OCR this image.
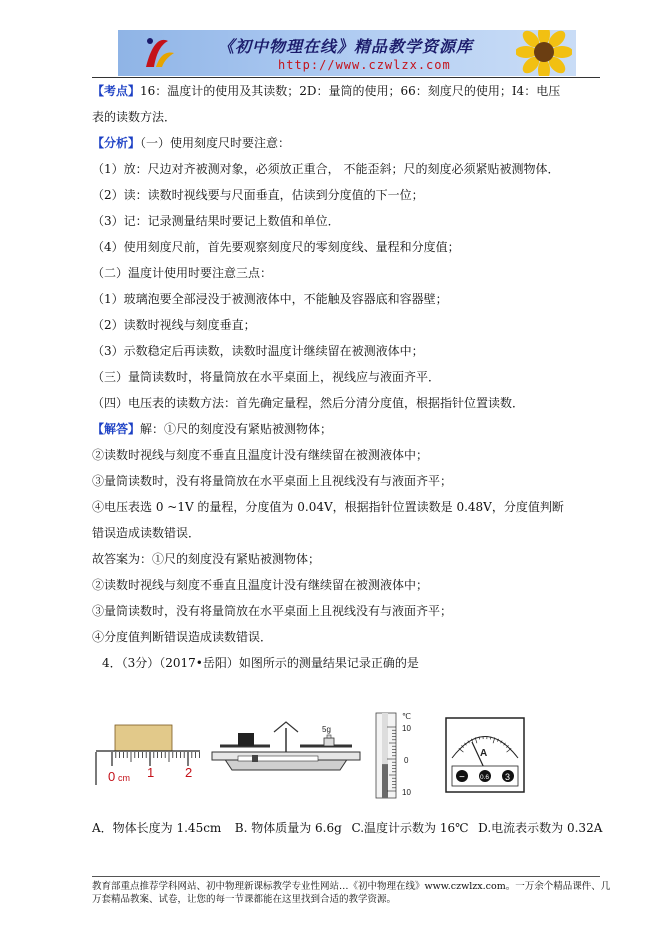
《初中物理在线》精品教学资源库
http://www.czwlzx.com
【考点】16：温度计的使用及其读数；2D：量筒的使用；66：刻度尺的使用；I4：电压
表的读数方法．
【分析】（一）使用刻度尺时要注意：
（1）放：尺边对齐被测对象，必须放正重合， 不能歪斜；尺的刻度必须紧贴被测物体．
（2）读：读数时视线要与尺面垂直，估读到分度值的下一位；
（3）记：记录测量结果时要记上数值和单位．
（4）使用刻度尺前，首先要观察刻度尺的零刻度线、量程和分度值；
（二）温度计使用时要注意三点：
（1）玻璃泡要全部浸没于被测液体中，不能触及容器底和容器壁；
（2）读数时视线与刻度垂直；
（3）示数稳定后再读数，读数时温度计继续留在被测液体中；
（三）量筒读数时，将量筒放在水平桌面上，视线应与液面齐平．
（四）电压表的读数方法：首先确定量程，然后分清分度值，根据指针位置读数．
【解答】解：①尺的刻度没有紧贴被测物体；
②读数时视线与刻度不垂直且温度计没有继续留在被测液体中；
③量筒读数时，没有将量筒放在水平桌面上且视线没有与液面齐平；
④电压表选 0 ~1V 的量程，分度值为 0.04V，根据指针位置读数是 0.48V，分度值判断
错误造成读数错误．
故答案为：①尺的刻度没有紧贴被测物体；
②读数时视线与刻度不垂直且温度计没有继续留在被测液体中；
③量筒读数时，没有将量筒放在水平桌面上且视线没有与液面齐平；
④分度值判断错误造成读数错误．
4．（3分）（2017•岳阳）如图所示的测量结果记录正确的是
0 cm 1 2
5g
℃
10
0
10
A
− 0.6 3
A．物体长度为 1.45cm B. 物体质量为 6.6g C.温度计示数为 16℃ D.电流表示数为 0.32A
教育部重点推荐学科网站、初中物理新课标教学专业性网站…《初中物理在线》www.czwlzx.com。一万余个精品课件、几万套精品教案、试卷，让您的每一节课都能在这里找到合适的教学资源。
